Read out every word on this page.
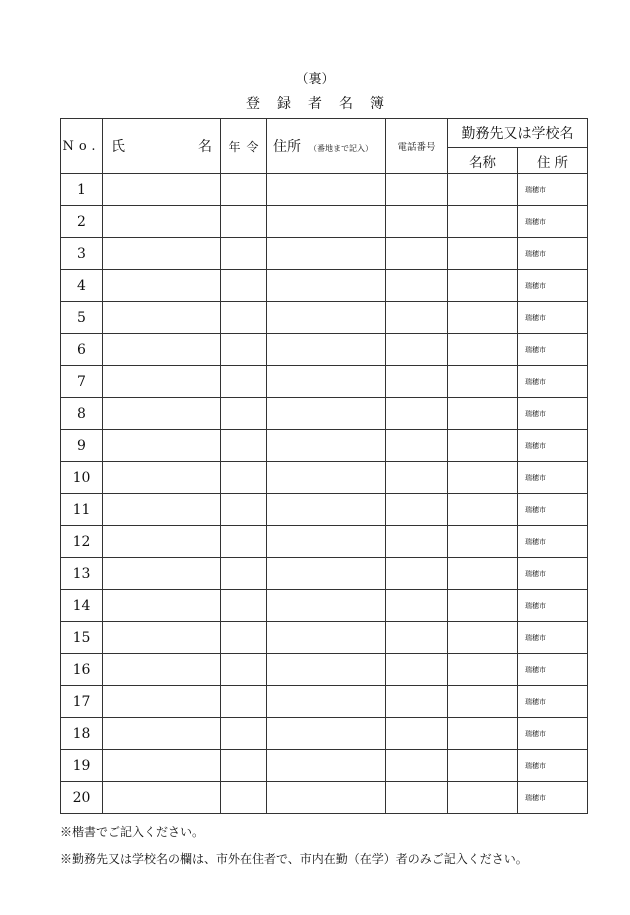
（裏）
登録者名簿
No.	氏 名	年令	住所 （番地まで記入）	電話番号	勤務先又は学校名	
					名称	住所
1						瑞穂市
2						瑞穂市
3						瑞穂市
4						瑞穂市
5						瑞穂市
6						瑞穂市
7						瑞穂市
8						瑞穂市
9						瑞穂市
10						瑞穂市
11						瑞穂市
12						瑞穂市
13						瑞穂市
14						瑞穂市
15						瑞穂市
16						瑞穂市
17						瑞穂市
18						瑞穂市
19						瑞穂市
20						瑞穂市
※楷書でご記入ください。
※勤務先又は学校名の欄は、市外在住者で、市内在勤（在学）者のみご記入ください。
